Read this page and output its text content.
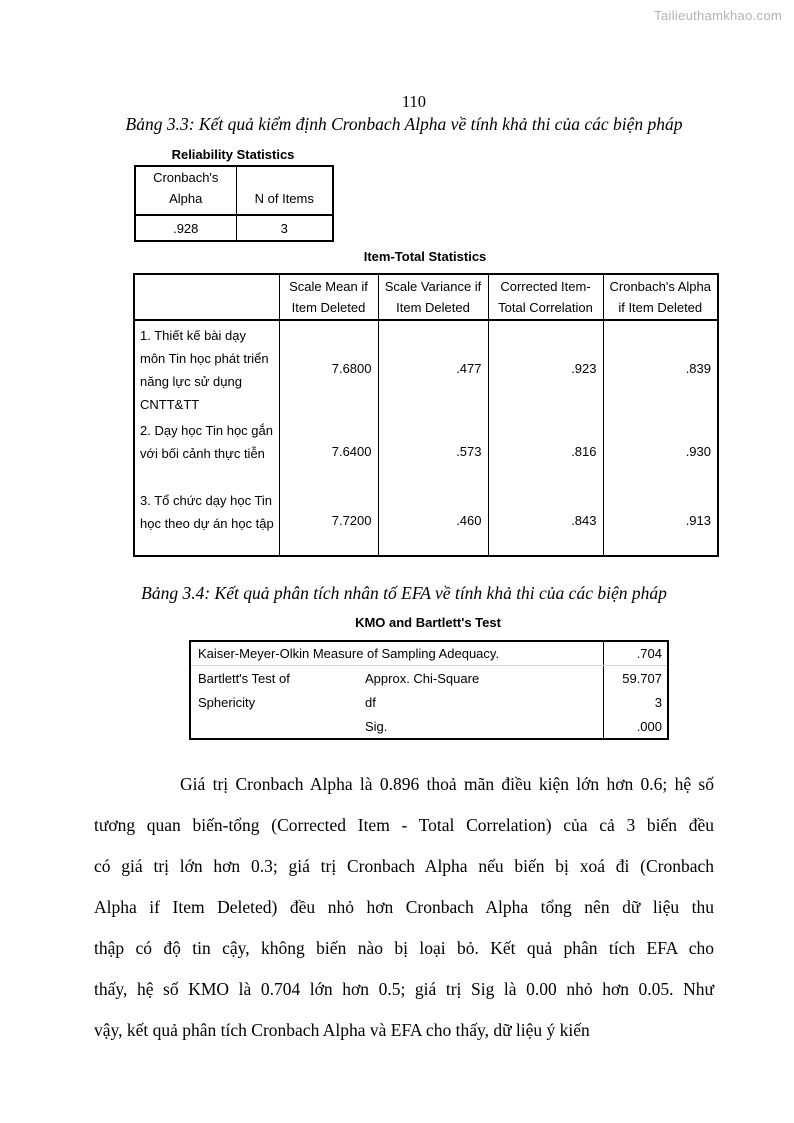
Tailieuthamkhao.com
110
Bảng 3.3: Kết quả kiểm định Cronbach Alpha về tính khả thi của các biện pháp
Reliability Statistics
Cronbach's Alpha	N of Items
.928	3
Item-Total Statistics
	Scale Mean if Item Deleted	Scale Variance if Item Deleted	Corrected Item-Total Correlation	Cronbach's Alpha if Item Deleted
1. Thiết kế bài dạy môn Tin học phát triển năng lực sử dụng CNTT&TT	7.6800	.477	.923	.839
2. Dạy học Tin học gắn với bối cảnh thực tiễn	7.6400	.573	.816	.930
3. Tổ chức dạy học Tin học theo dự án học tập	7.7200	.460	.843	.913
Bảng 3.4: Kết quả phân tích nhân tố EFA về tính khả thi của các biện pháp
KMO and Bartlett's Test
Kaiser-Meyer-Olkin Measure of Sampling Adequacy.		.704
Bartlett's Test of	Approx. Chi-Square	59.707
Sphericity	df	3
	Sig.	.000
Giá trị Cronbach Alpha là 0.896 thoả mãn điều kiện lớn hơn 0.6; hệ số
tương quan biến-tổng (Corrected Item - Total Correlation) của cả 3 biến đều
có giá trị lớn hơn 0.3; giá trị Cronbach Alpha nếu biến bị xoá đi (Cronbach
Alpha if Item Deleted) đều nhỏ hơn Cronbach Alpha tổng nên dữ liệu thu
thập có độ tin cậy, không biến nào bị loại bỏ. Kết quả phân tích EFA cho
thấy, hệ số KMO là 0.704 lớn hơn 0.5; giá trị Sig là 0.00 nhỏ hơn 0.05. Như
vậy, kết quả phân tích Cronbach Alpha và EFA cho thấy, dữ liệu ý kiến
